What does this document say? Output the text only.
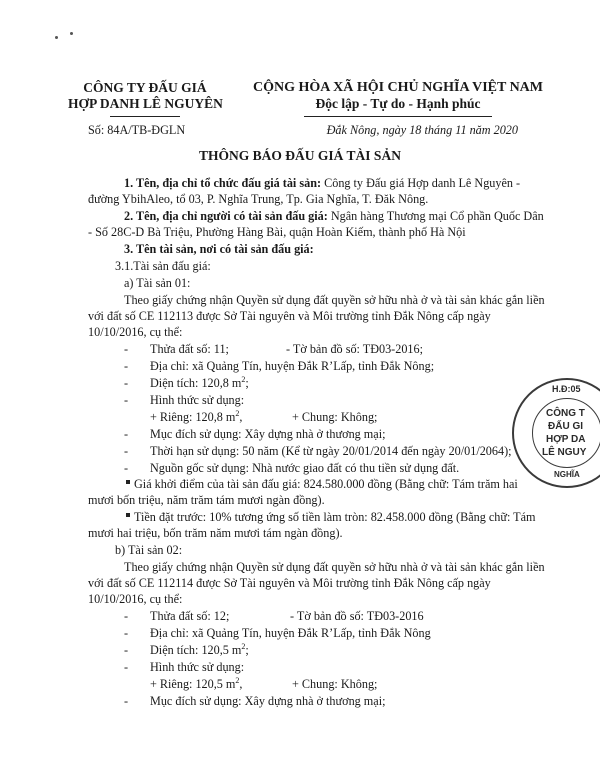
CÔNG TY ĐẤU GIÁ
HỢP DANH LÊ NGUYÊN
CỘNG HÒA XÃ HỘI CHỦ NGHĨA VIỆT NAM
Độc lập - Tự do - Hạnh phúc
Số: 84A/TB-ĐGLN	Đắk Nông, ngày 18 tháng 11 năm 2020
THÔNG BÁO ĐẤU GIÁ TÀI SẢN
1. Tên, địa chỉ tổ chức đấu giá tài sản: Công ty Đấu giá Hợp danh Lê Nguyên -
đường YbihAleo, tổ 03, P. Nghĩa Trung, Tp. Gia Nghĩa, T. Đăk Nông.
2. Tên, địa chỉ người có tài sản đấu giá: Ngân hàng Thương mại Cổ phần Quốc Dân
- Số 28C-D Bà Triệu, Phường Hàng Bài, quận Hoàn Kiếm, thành phố Hà Nội
3. Tên tài sản, nơi có tài sản đấu giá:
3.1.Tài sản đấu giá:
a) Tài sản 01:
Theo giấy chứng nhận Quyền sử dụng đất quyền sở hữu nhà ở và tài sản khác gắn liền
với đất số CE 112113 được Sở Tài nguyên và Môi trường tỉnh Đắk Nông cấp ngày
10/10/2016, cụ thể:
- Thửa đất số: 11;	- Tờ bản đồ số: TĐ03-2016;
- Địa chỉ: xã Quảng Tín, huyện Đắk R’Lấp, tỉnh Đắk Nông;
- Diện tích: 120,8 $m^2$;
- Hình thức sử dụng:
+ Riêng: 120,8 $m^2$,	+ Chung: Không;
- Mục đích sử dụng: Xây dựng nhà ở thương mại;
- Thời hạn sử dụng: 50 năm (Kể từ ngày 20/01/2014 đến ngày 20/01/2064);
- Nguồn gốc sử dụng: Nhà nước giao đất có thu tiền sử dụng đất.
Giá khởi điểm của tài sản đấu giá: 824.580.000 đồng (Bằng chữ: Tám trăm hai
mươi bốn triệu, năm trăm tám mươi ngàn đồng).
Tiền đặt trước: 10% tương ứng số tiền làm tròn: 82.458.000 đồng (Bằng chữ: Tám
mươi hai triệu, bốn trăm năm mươi tám ngàn đồng).
b) Tài sản 02:
Theo giấy chứng nhận Quyền sử dụng đất quyền sở hữu nhà ở và tài sản khác gắn liền
với đất số CE 112114 được Sở Tài nguyên và Môi trường tỉnh Đắk Nông cấp ngày
10/10/2016, cụ thể:
- Thửa đất số: 12;	- Tờ bản đồ số: TĐ03-2016
- Địa chỉ: xã Quảng Tín, huyện Đắk R’Lấp, tỉnh Đắk Nông
- Diện tích: 120,5 $m^2$;
- Hình thức sử dụng:
+ Riêng: 120,5 $m^2$,	+ Chung: Không;
- Mục đích sử dụng: Xây dựng nhà ở thương mại;
H.Đ:05
CÔNG T
ĐẤU GI
HỢP DA
LÊ NGUY
NGHĨA
